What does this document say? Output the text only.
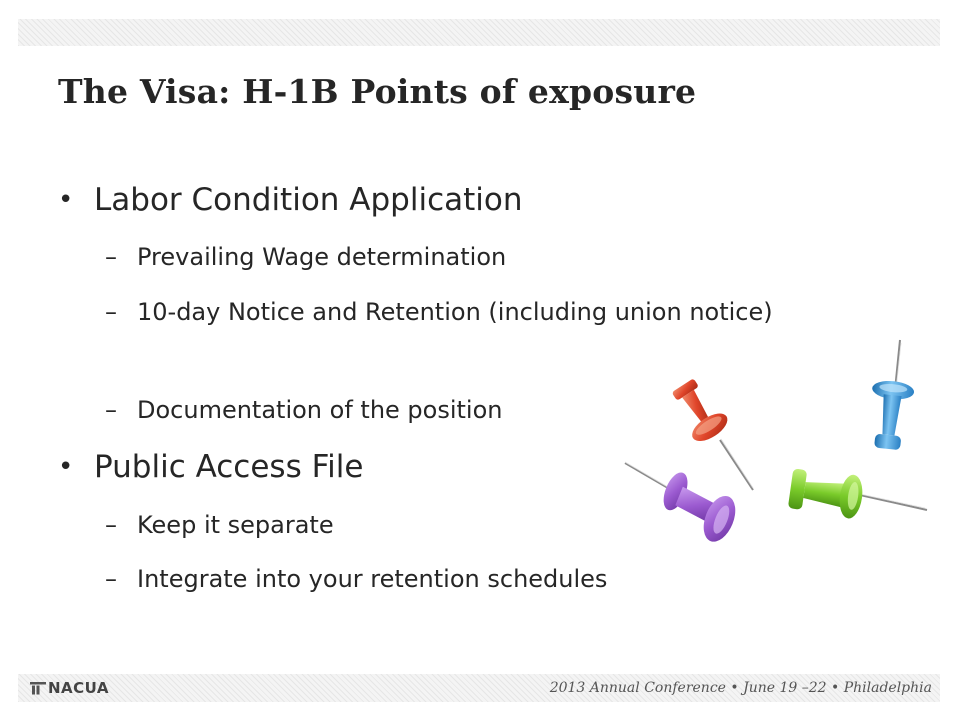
The Visa: H-1B Points of exposure
• Labor Condition Application
– Prevailing Wage determination
– 10-day Notice and Retention (including union notice)
– Documentation of the position
• Public Access File
– Keep it separate
– Integrate into your retention schedules
NACUA	2013 Annual Conference • June 19 –22 • Philadelphia
